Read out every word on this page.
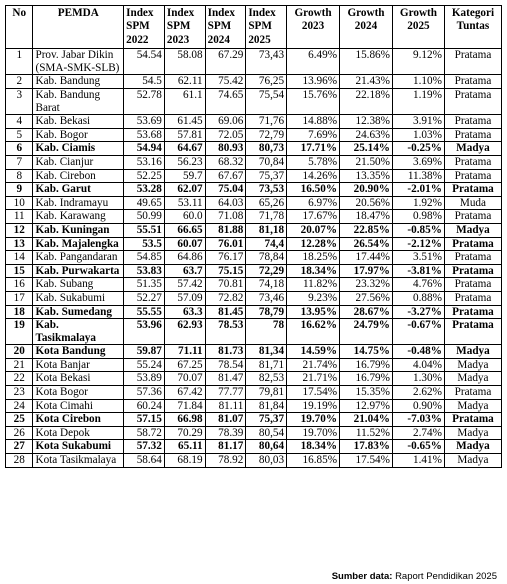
No	PEMDA	Index SPM 2022	Index SPM 2023	Index SPM 2024	Index SPM 2025	Growth 2023	Growth 2024	Growth 2025	Kategori Tuntas
1	Prov. Jabar Dikin (SMA-SMK-SLB)	54.54	58.08	67.29	73,43	6.49%	15.86%	9.12%	Pratama
2	Kab. Bandung	54.5	62.11	75.42	76,25	13.96%	21.43%	1.10%	Pratama
3	Kab. Bandung Barat	52.78	61.1	74.65	75,54	15.76%	22.18%	1.19%	Pratama
4	Kab. Bekasi	53.69	61.45	69.06	71,76	14.88%	12.38%	3.91%	Pratama
5	Kab. Bogor	53.68	57.81	72.05	72,79	7.69%	24.63%	1.03%	Pratama
6	Kab. Ciamis	54.94	64.67	80.93	80,73	17.71%	25.14%	-0.25%	Madya
7	Kab. Cianjur	53.16	56.23	68.32	70,84	5.78%	21.50%	3.69%	Pratama
8	Kab. Cirebon	52.25	59.7	67.67	75,37	14.26%	13.35%	11.38%	Pratama
9	Kab. Garut	53.28	62.07	75.04	73,53	16.50%	20.90%	-2.01%	Pratama
10	Kab. Indramayu	49.65	53.11	64.03	65,26	6.97%	20.56%	1.92%	Muda
11	Kab. Karawang	50.99	60.0	71.08	71,78	17.67%	18.47%	0.98%	Pratama
12	Kab. Kuningan	55.51	66.65	81.88	81,18	20.07%	22.85%	-0.85%	Madya
13	Kab. Majalengka	53.5	60.07	76.01	74,4	12.28%	26.54%	-2.12%	Pratama
14	Kab. Pangandaran	54.85	64.86	76.17	78,84	18.25%	17.44%	3.51%	Pratama
15	Kab. Purwakarta	53.83	63.7	75.15	72,29	18.34%	17.97%	-3.81%	Pratama
16	Kab. Subang	51.35	57.42	70.81	74,18	11.82%	23.32%	4.76%	Pratama
17	Kab. Sukabumi	52.27	57.09	72.82	73,46	9.23%	27.56%	0.88%	Pratama
18	Kab. Sumedang	55.55	63.3	81.45	78,79	13.95%	28.67%	-3.27%	Pratama
19	Kab. Tasikmalaya	53.96	62.93	78.53	78	16.62%	24.79%	-0.67%	Pratama
20	Kota Bandung	59.87	71.11	81.73	81,34	14.59%	14.75%	-0.48%	Madya
21	Kota Banjar	55.24	67.25	78.54	81,71	21.74%	16.79%	4.04%	Madya
22	Kota Bekasi	53.89	70.07	81.47	82,53	21.71%	16.79%	1.30%	Madya
23	Kota Bogor	57.36	67.42	77.77	79,81	17.54%	15.35%	2.62%	Pratama
24	Kota Cimahi	60.24	71.84	81.11	81,84	19.19%	12.97%	0.90%	Madya
25	Kota Cirebon	57.15	66.98	81.07	75,37	19.70%	21.04%	-7.03%	Pratama
26	Kota Depok	58.72	70.29	78.39	80,54	19.70%	11.52%	2.74%	Madya
27	Kota Sukabumi	57.32	65.11	81.17	80,64	18.34%	17.83%	-0.65%	Madya
28	Kota Tasikmalaya	58.64	68.19	78.92	80,03	16.85%	17.54%	1.41%	Madya
Sumber data: Raport Pendidikan 2025
